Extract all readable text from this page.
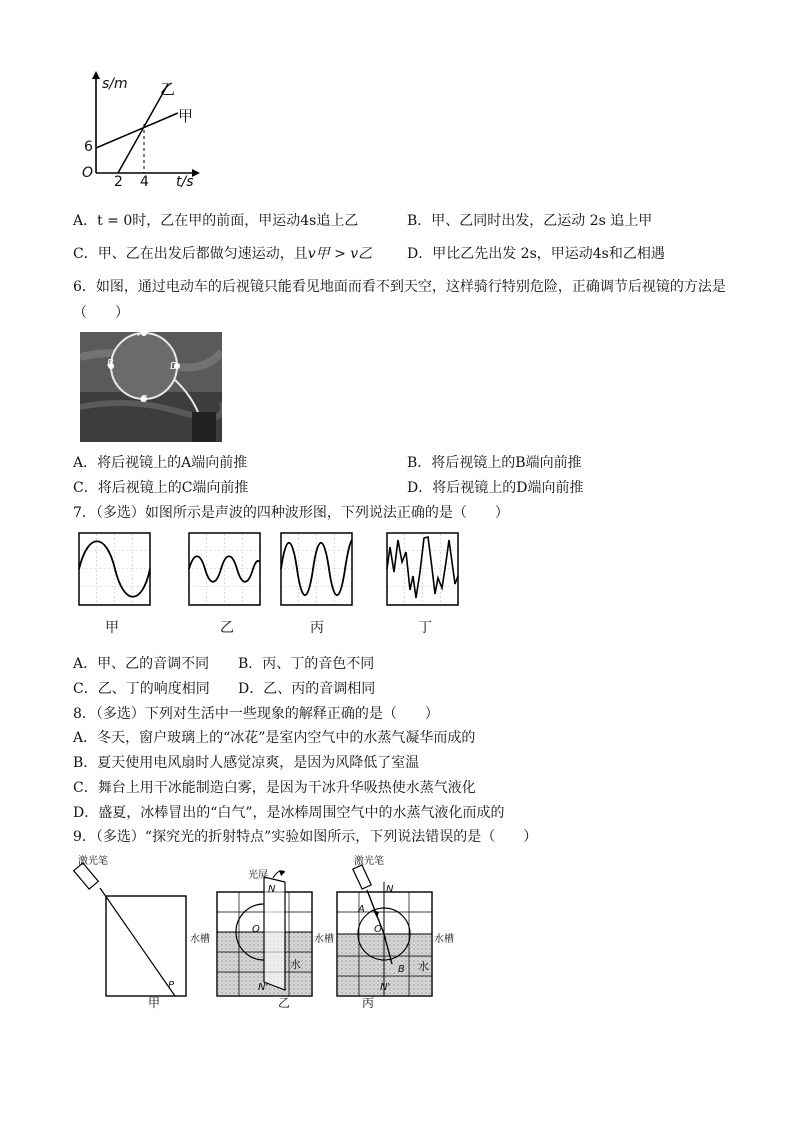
s/m 乙
甲
6
O
2 4 t/s
A．t = 0时，乙在甲的前面，甲运动4s追上乙	B．甲、乙同时出发，乙运动 2s 追上甲
C．甲、乙在出发后都做匀速运动，且v甲 > v乙 D．甲比乙先出发 2s，甲运动4s和乙相遇
6．如图，通过电动车的后视镜只能看见地面而看不到天空，这样骑行特别危险，正确调节后视镜的方法是
（　　）
A
B	D
C
A．将后视镜上的A端向前推	B．将后视镜上的B端向前推
C．将后视镜上的C端向前推	D．将后视镜上的D端向前推
7．（多选）如图所示是声波的四种波形图，下列说法正确的是（　　）
甲	乙	丙	丁
A．甲、乙的音调不同 B．丙、丁的音色不同
C．乙、丁的响度相同 D．乙、丙的音调相同
8．（多选）下列对生活中一些现象的解释正确的是（　　）
A．冬天，窗户玻璃上的“冰花”是室内空气中的水蒸气凝华而成的
B．夏天使用电风扇时人感觉凉爽，是因为风降低了室温
C．舞台上用干冰能制造白雾，是因为干冰升华吸热使水蒸气液化
D．盛夏，冰棒冒出的“白气”，是冰棒周围空气中的水蒸气液化而成的
9．（多选）“探究光的折射特点”实验如图所示，下列说法错误的是（　　）
激光笔
水槽
P
甲
光屏
N
O
水
N'
水槽
乙
激光笔
N
A
O
B 水
N'
水槽
丙
